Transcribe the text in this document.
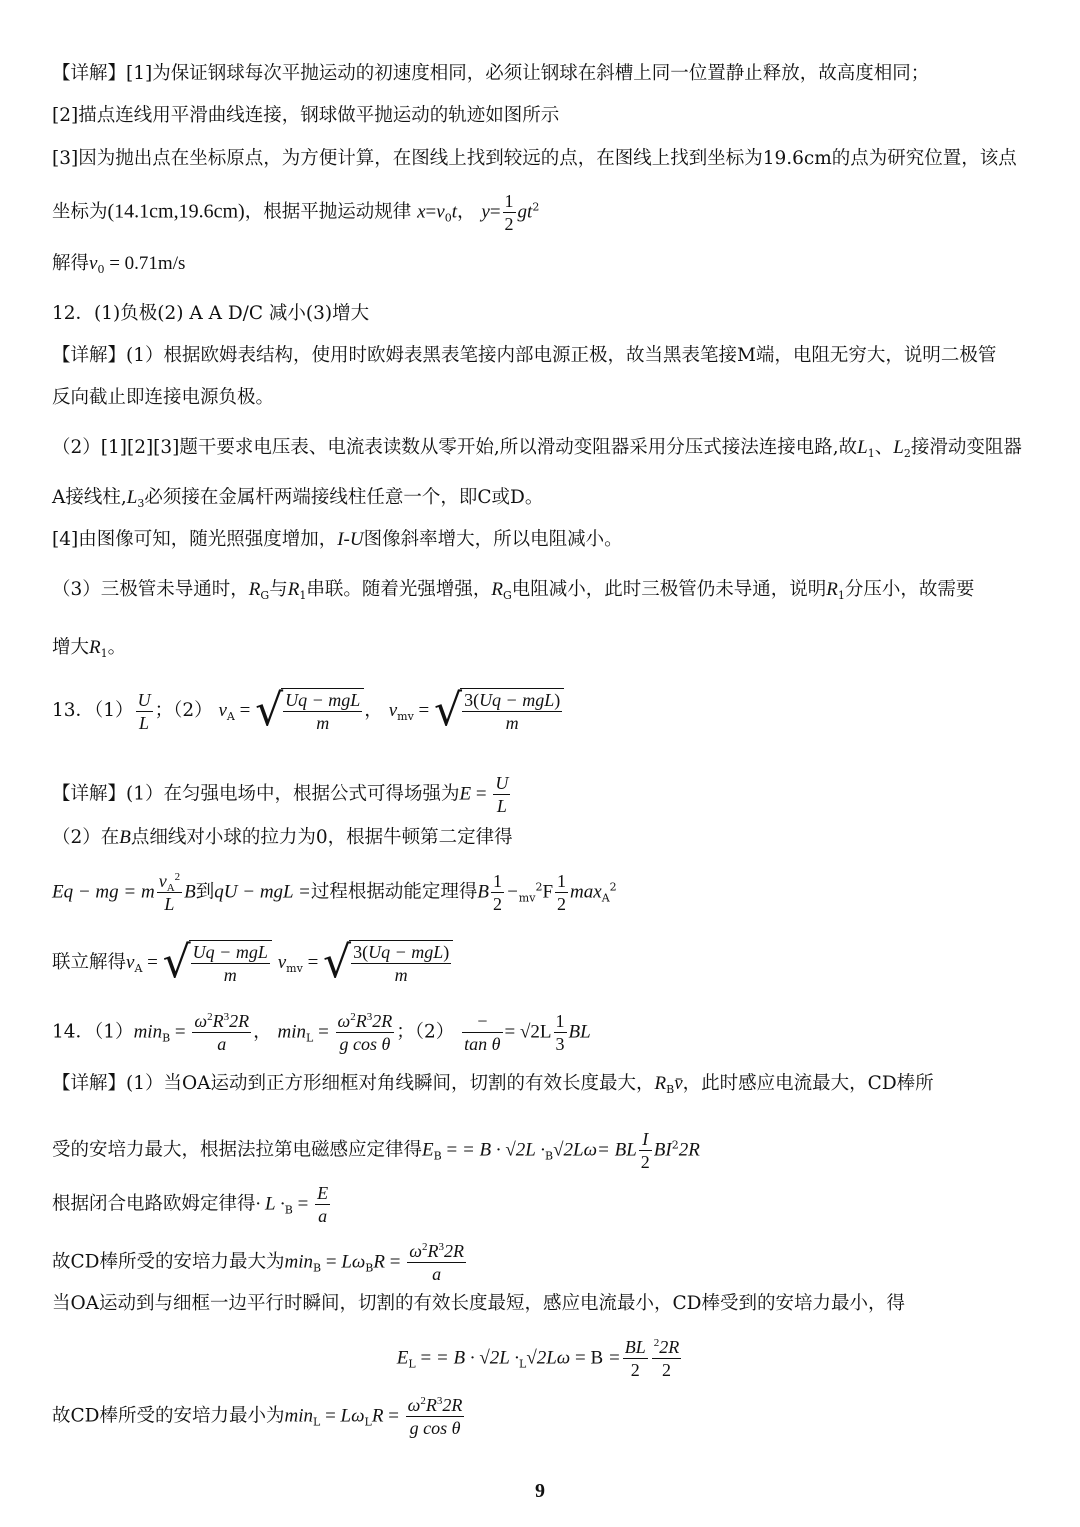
【详解】[1]为保证钢球每次平抛运动的初速度相同，必须让钢球在斜槽上同一位置静止释放，故高度相同；
[2]描点连线用平滑曲线连接，钢球做平抛运动的轨迹如图所示
[3]因为抛出点在坐标原点，为方便计算，在图线上找到较远的点，在图线上找到坐标为19.6cm的点为研究位置，该点
坐标为(14.1cm,19.6cm)，根据平抛运动规律 $x=v_0t$， $y= \frac{1}{2} gt^2$
解得$v_0 = 0.71m/s$
12．(1)负极(2) A A D/C 减小(3)增大
【详解】(1）根据欧姆表结构，使用时欧姆表黑表笔接内部电源正极，故当黑表笔接M端，电阻无穷大，说明二极管
反向截止即连接电源负极。
（2）[1][2][3]题干要求电压表、电流表读数从零开始,所以滑动变阻器采用分压式接法连接电路,故$L_1$、$L_2$接滑动变阻器
A接线柱$,L_3$必须接在金属杆两端接线柱任意一个，即C或D。
[4]由图像可知，随光照强度增加，I-U图像斜率增大，所以电阻减小。
（3）三极管未导通时，$R_G$与$R_1$串联。随着光强增强，$R_G$电阻减小，此时三极管仍未导通，说明$R_1$分压小，故需要
增大$R_1$。
13．$(1) \frac{U}{L}$ ；（2） $v_A$ = √ $\frac{\text{Uq − mgL}}{m}$ ， $v_{mv}$ = √ $\frac{\text{3(Uq − mgL)}}{m}$
【详解】(1）在匀强电场中，根据公式可得场强为$E = \frac{U}{L}$
（2）在B点细线对小球的拉力为0，根据牛顿第二定律得
Eq − mg = m $\frac{v_A^2}{L}$ B到qU − mgL =过程根据动能定理得B $\frac{1}{2} -_{mv}^2F \frac{1}{2} \max_A^2$
联立解得$v_A$ = √ $\frac{\text{Uq − mgL}}{m} v_{mv}$ = √ $\frac{\text{3(Uq − mgL)}}{m}$
14．$(1)\min_B = \frac{\omega^2R^32R}{a}$ ， $\min_L = \frac{\omega^2R^32R}{\text{g cos θ}}$ ；$(2) \frac{-}{\text{tan θ}} = √2L \frac{1}{3}$ BL
【详解】(1）当OA运动到正方形细框对角线瞬间，切割的有效长度最大，$R_Bv̄$，此时感应电流最大，CD棒所
受的安培力最大，根据法拉第电磁感应定律得$E_B$ = = $B \cdot √2L \cdot_B√2L\omega=$ BL $\frac{I}{2} BI^22R$
根据闭合电路欧姆定律得· $L \cdot_B = \frac{E}{a}$
故CD棒所受的安培力最大为$\min_B = L\omega_BR = \frac{\omega^2R^32R}{a}$
当OA运动到与细框一边平行时瞬间，切割的有效长度最短，感应电流最小，CD棒受到的安培力最小，得
$E_L$ = = $B \cdot √2L \cdot_L√2L\omega = B = \frac{BL}{2} \frac{^22R}{2}$
故CD棒所受的安培力最小为$\min_L = L\omega_LR = \frac{\omega^2R^32R}{\text{g cos θ}}$
9
